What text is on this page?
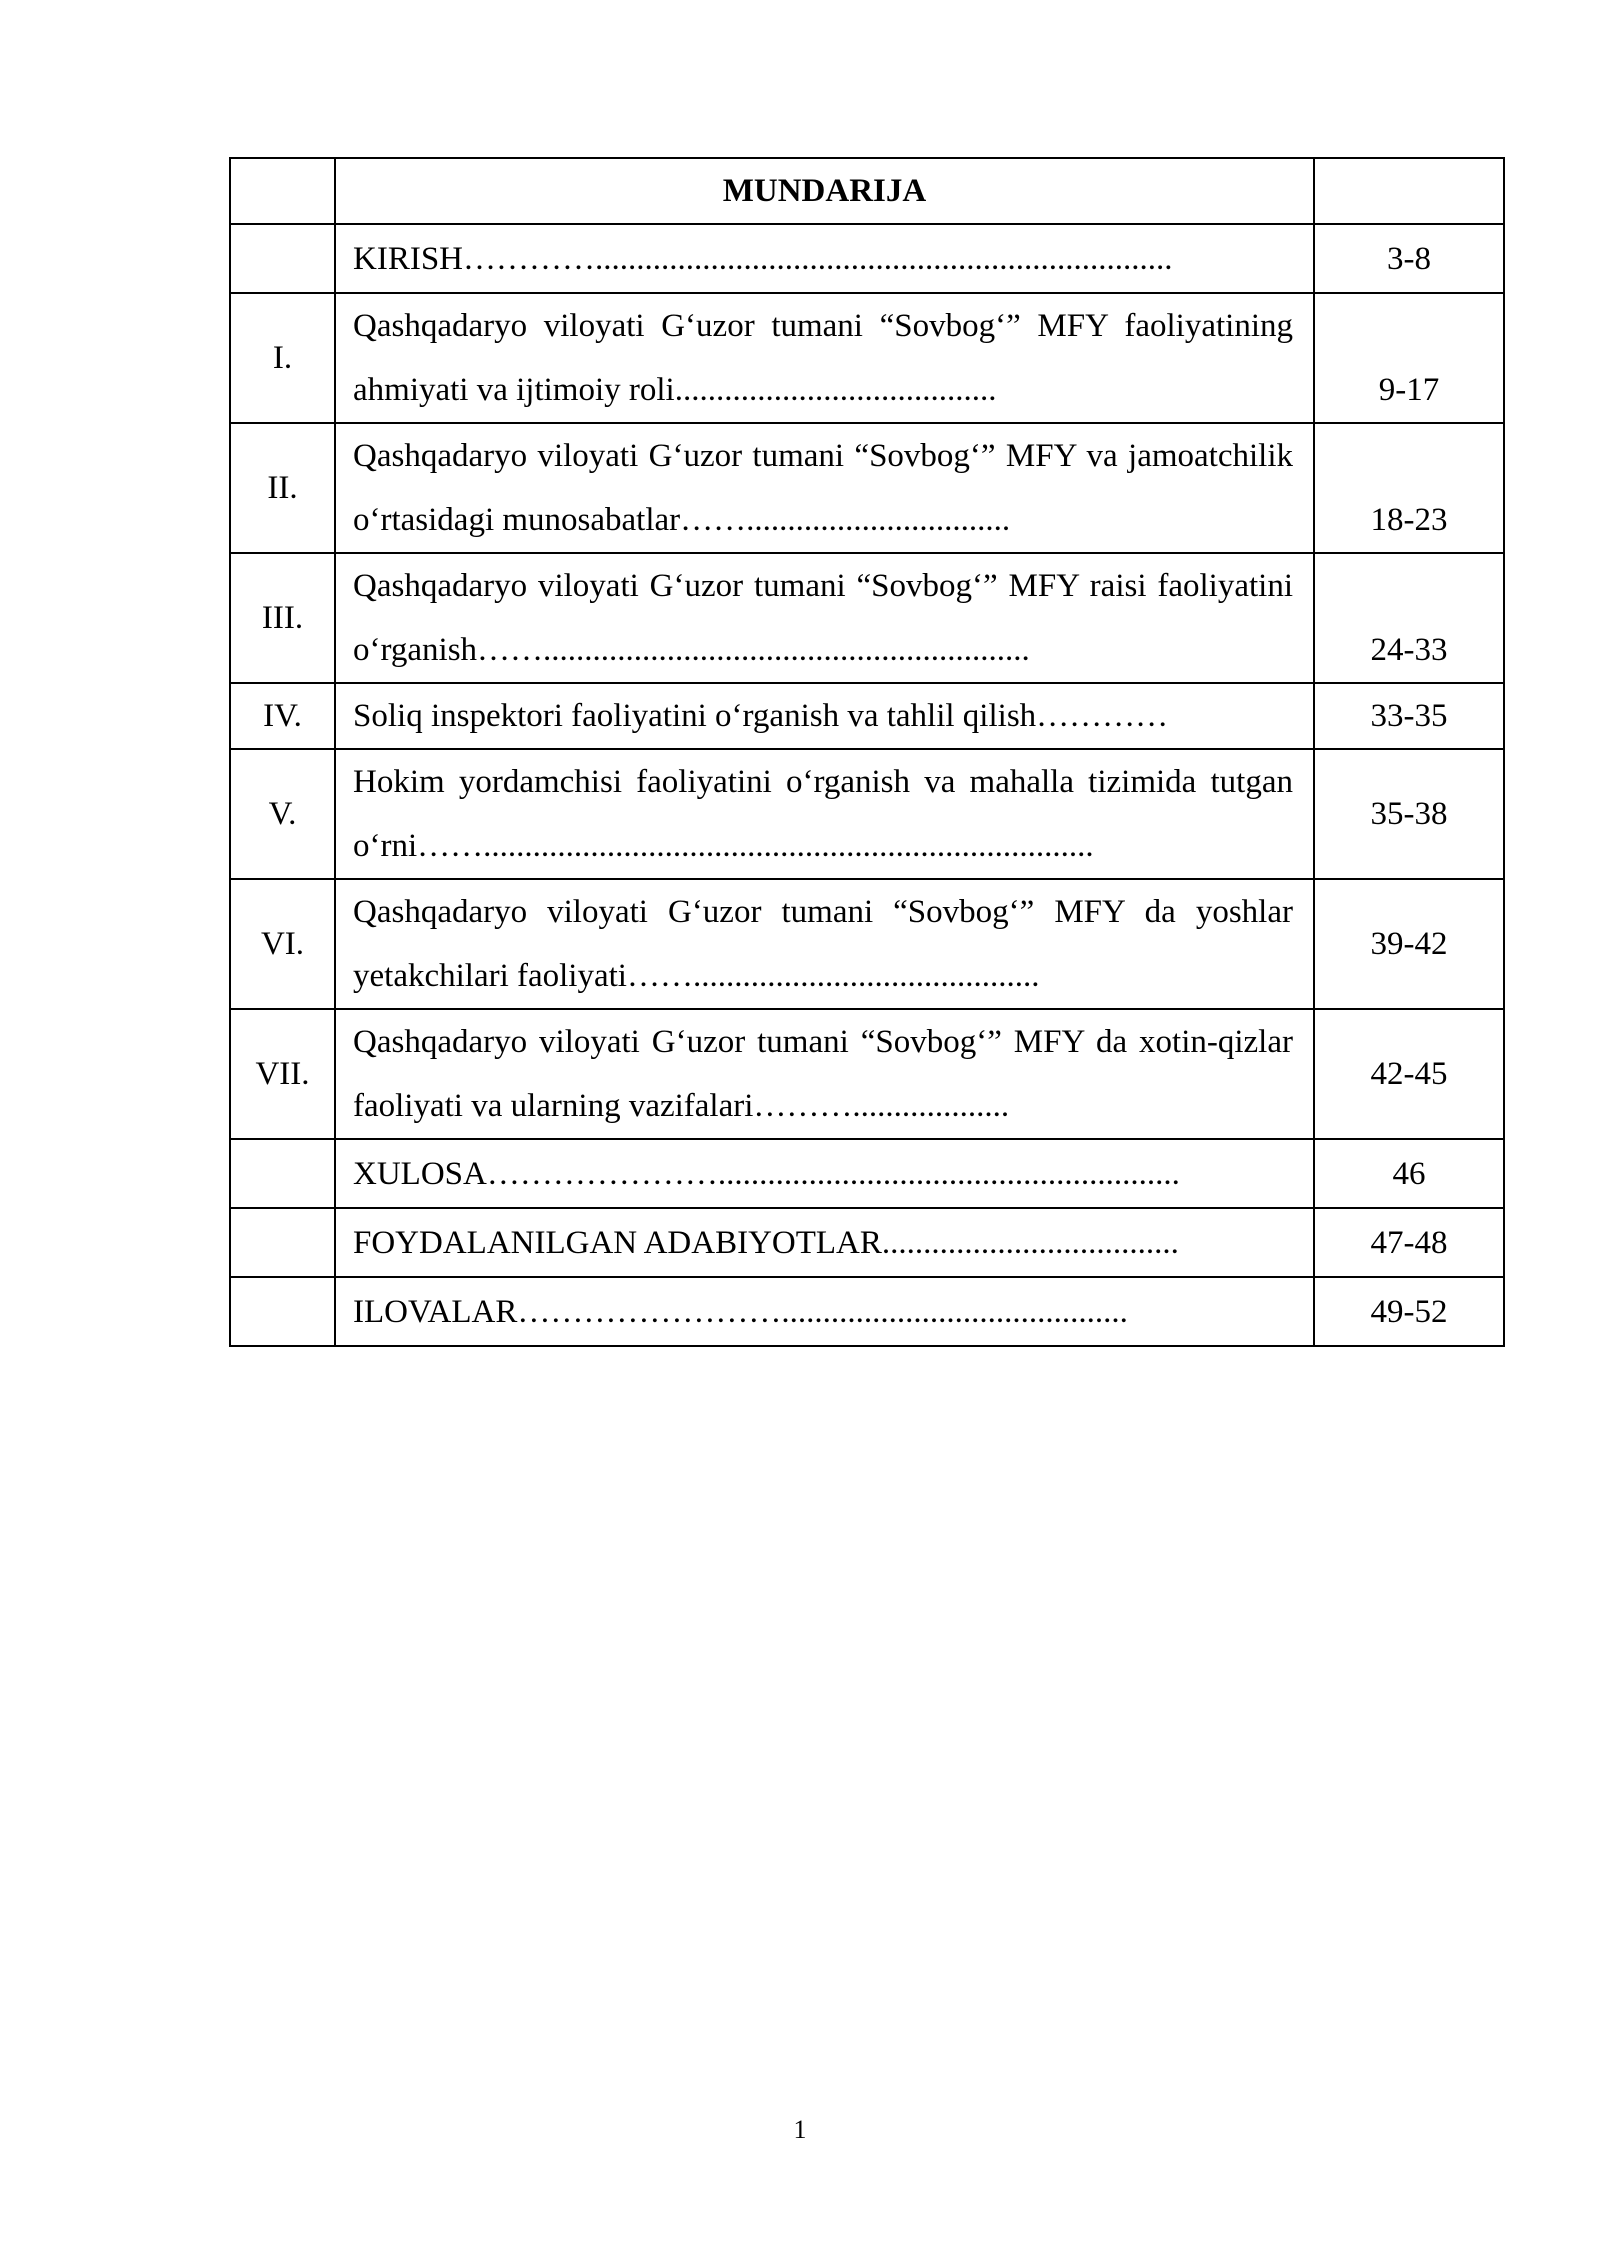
	MUNDARIJA	
	KIRISH…………......................................................................	3-8
I.	Qashqadaryo viloyati G‘uzor tumani “Sovbog‘” MFY faoliyatining ahmiyati va ijtimoiy roli.......................................	9-17
II.	Qashqadaryo viloyati G‘uzor tumani “Sovbog‘” MFY va jamoatchilik o‘rtasidagi munosabatlar……................................	18-23
III.	Qashqadaryo viloyati G‘uzor tumani “Sovbog‘” MFY raisi faoliyatini o‘rganish……...........................................................	24-33
IV.	Soliq inspektori faoliyatini o‘rganish va tahlil qilish…………	33-35
V.	Hokim yordamchisi faoliyatini o‘rganish va mahalla tizimida tutgan o‘rni……..........................................................................	35-38
VI.	Qashqadaryo viloyati G‘uzor tumani “Sovbog‘” MFY da yoshlar yetakchilari faoliyati……..........................................	39-42
VII.	Qashqadaryo viloyati G‘uzor tumani “Sovbog‘” MFY da xotin-qizlar faoliyati va ularning vazifalari………...................	42-45
	XULOSA…………………........................................................	46
	FOYDALANILGAN ADABIYOTLAR....................................	47-48
	ILOVALAR……………………..........................................	49-52
1
